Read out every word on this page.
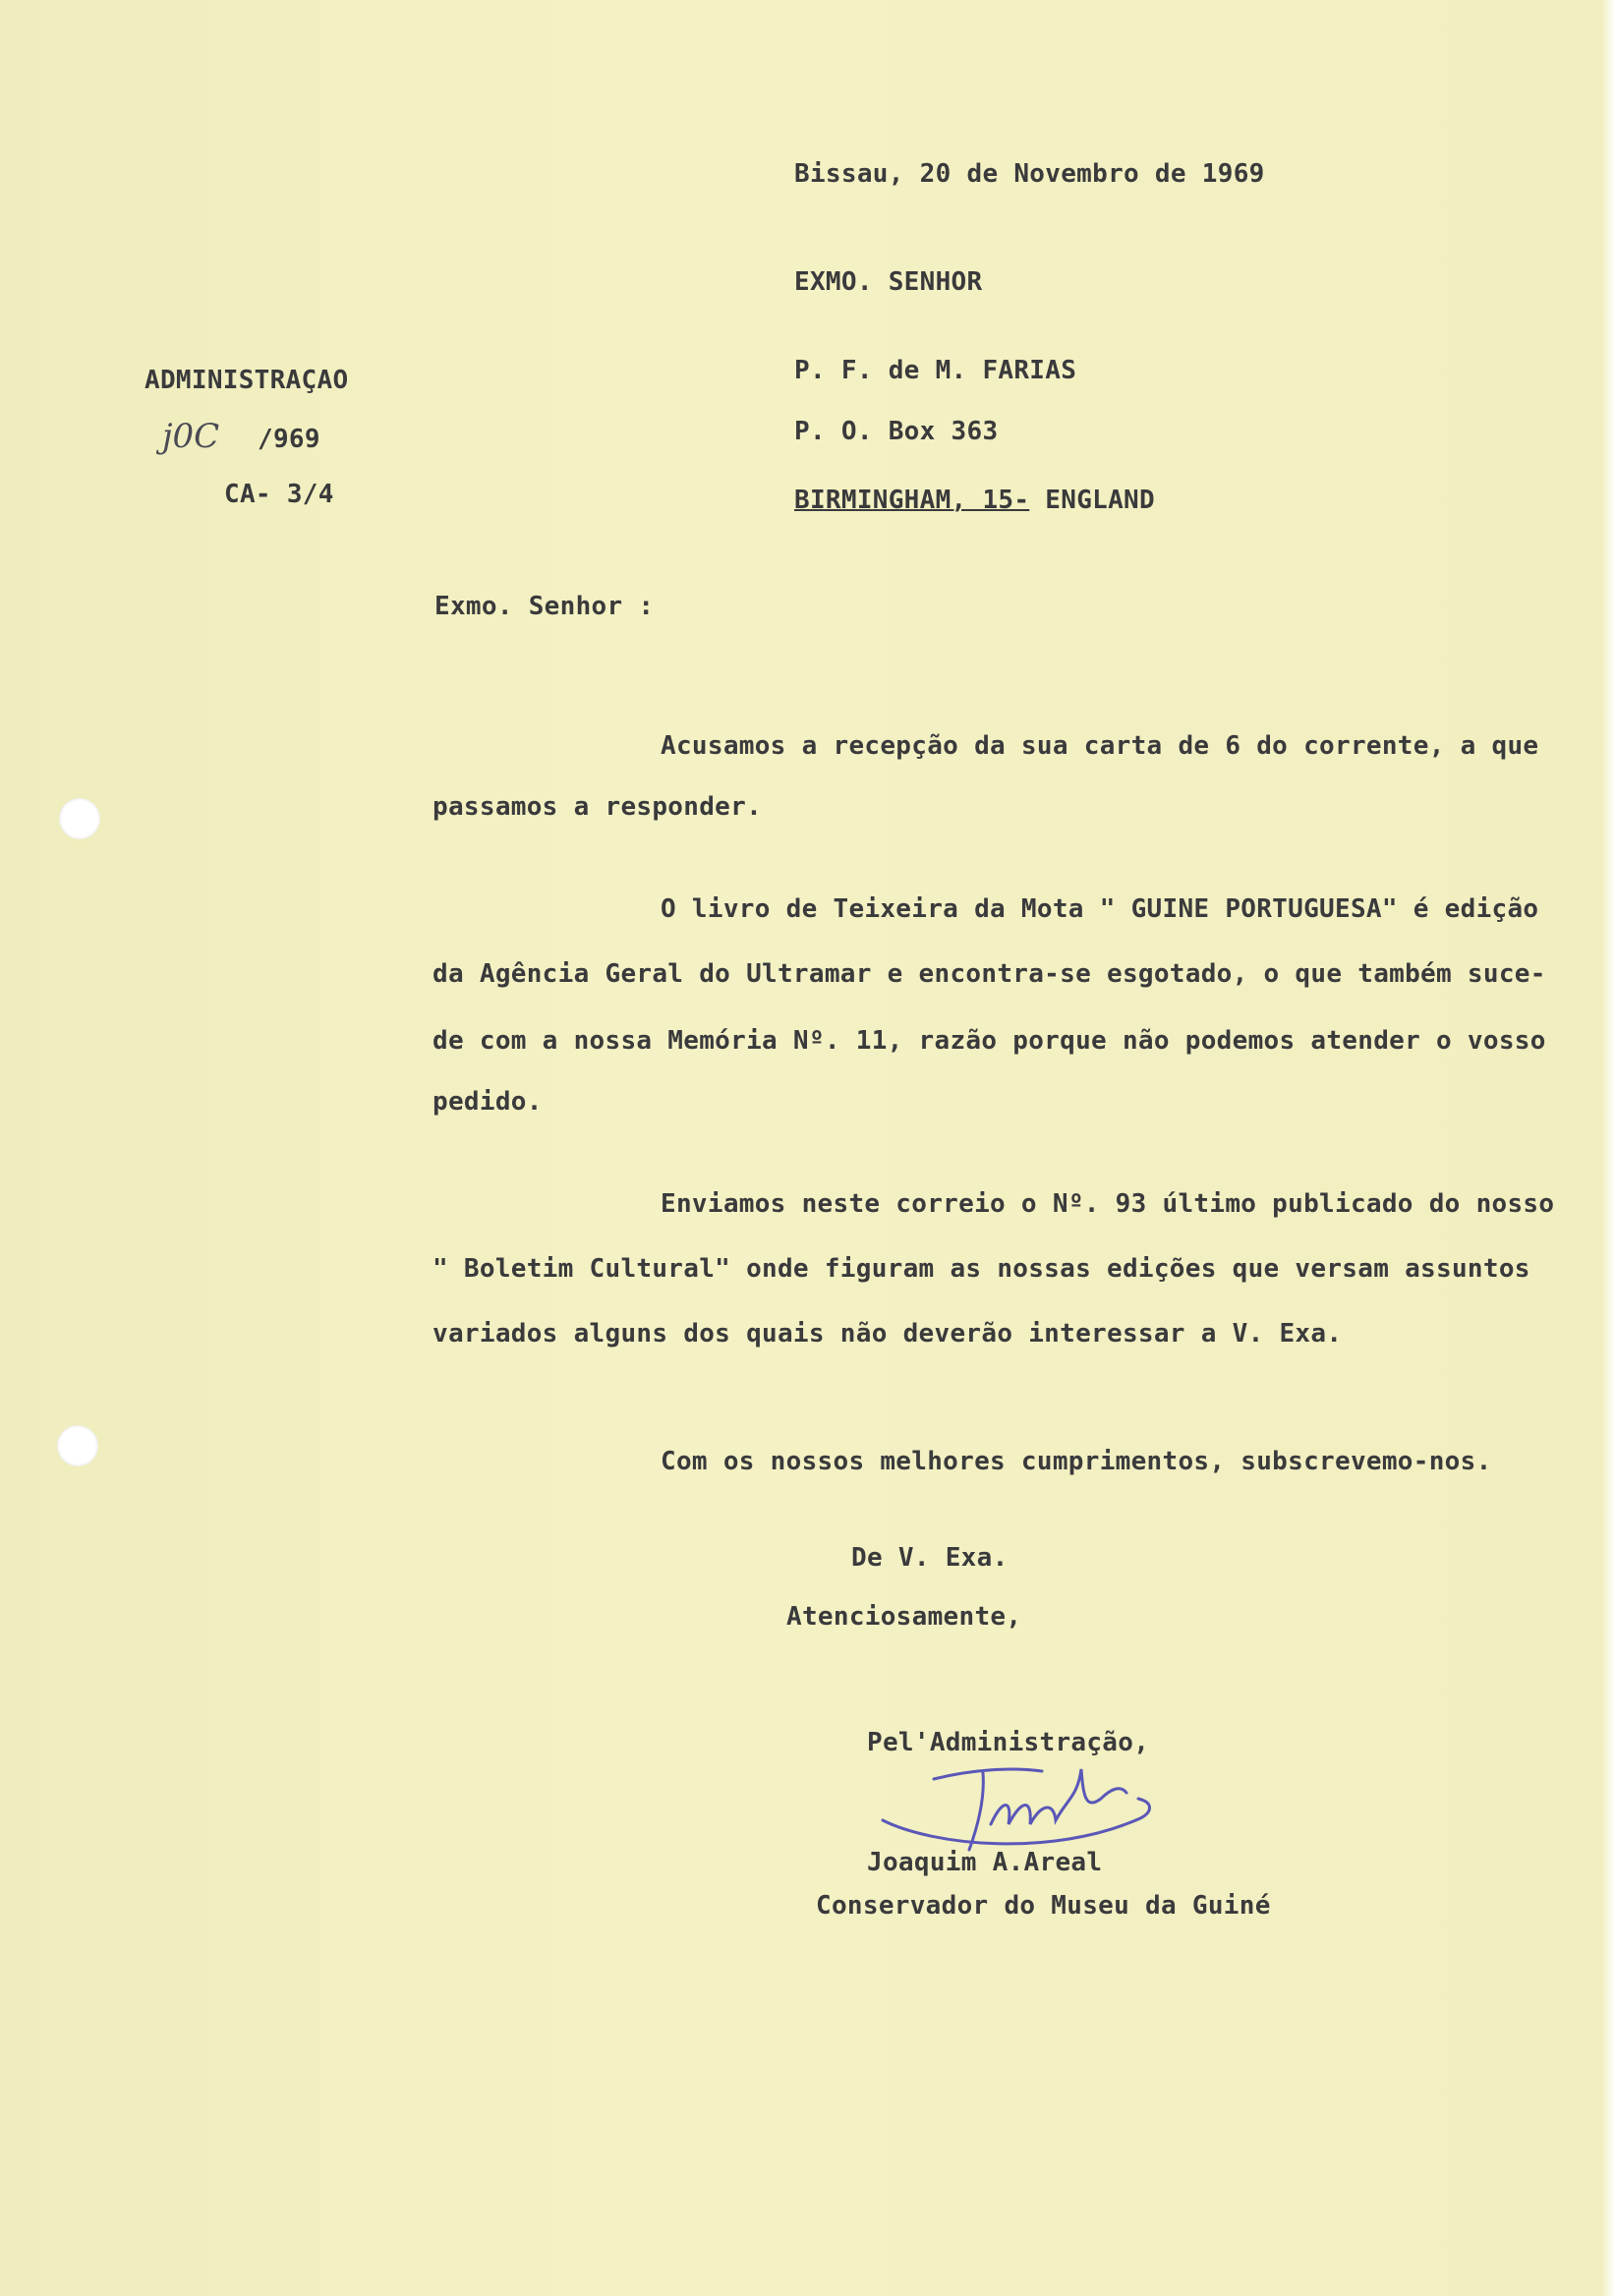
Bissau, 20 de Novembro de 1969
EXMO. SENHOR
P. F. de M. FARIAS
P. O. Box 363
BIRMINGHAM, 15- ENGLAND
ADMINISTRAÇAO
j0C /969
CA- 3/4
Exmo. Senhor :
Acusamos a recepção da sua carta de 6 do corrente, a que
passamos a responder.
O livro de Teixeira da Mota " GUINE PORTUGUESA" é edição
da Agência Geral do Ultramar e encontra-se esgotado, o que também suce-
de com a nossa Memória Nº. 11, razão porque não podemos atender o vosso
pedido.
Enviamos neste correio o Nº. 93 último publicado do nosso
" Boletim Cultural" onde figuram as nossas edições que versam assuntos
variados alguns dos quais não deverão interessar a V. Exa.
Com os nossos melhores cumprimentos, subscrevemo-nos.
De V. Exa.
Atenciosamente,
Pel'Administração,
Joaquim A.Areal
Conservador do Museu da Guiné
